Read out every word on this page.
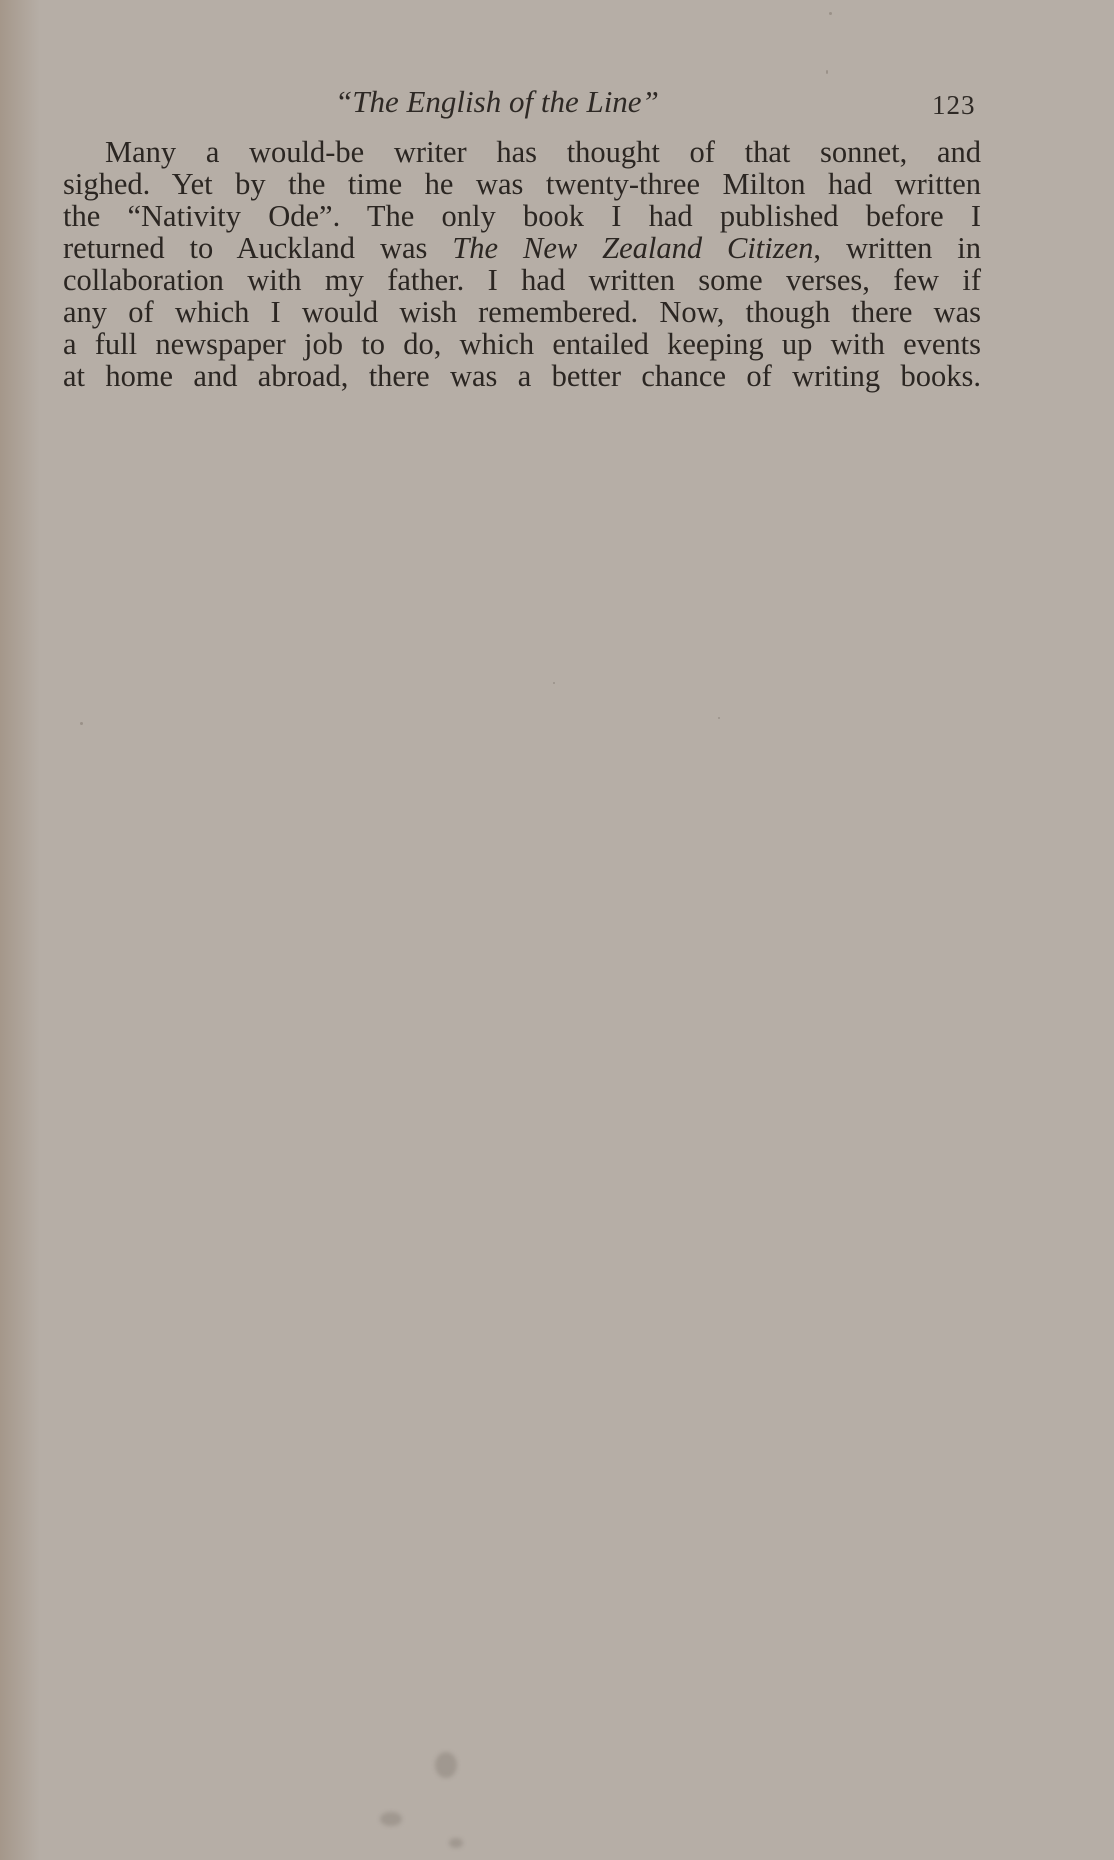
“The English of the Line”	123
Many a would-be writer has thought of that sonnet, and
sighed. Yet by the time he was twenty-three Milton had written
the “Nativity Ode”. The only book I had published before I
returned to Auckland was The New Zealand Citizen, written in
collaboration with my father. I had written some verses, few if
any of which I would wish remembered. Now, though there was
a full newspaper job to do, which entailed keeping up with events
at home and abroad, there was a better chance of writing books.
